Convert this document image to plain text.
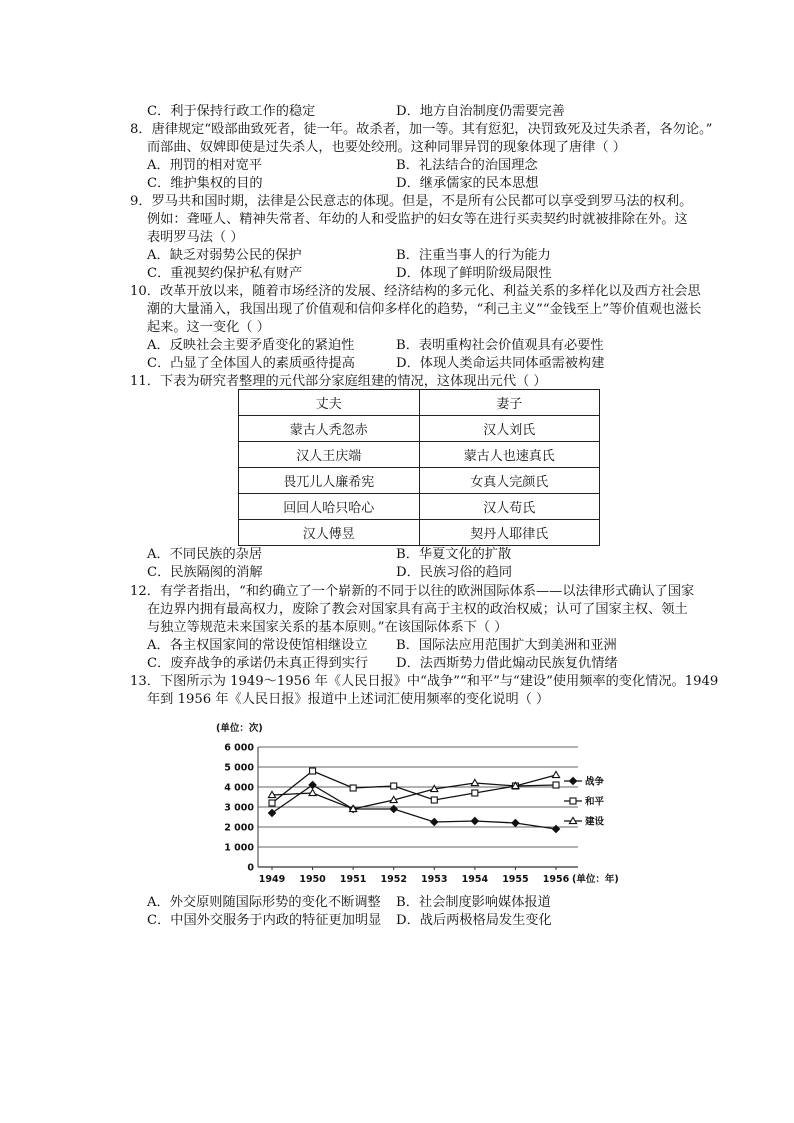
C．利于保持行政工作的稳定	D．地方自治制度仍需要完善
8．唐律规定“殴部曲致死者，徒一年。故杀者，加一等。其有愆犯，决罚致死及过失杀者，各勿论。”
而部曲、奴婢即使是过失杀人，也要处绞刑。这种同罪异罚的现象体现了唐律（ ）
A．刑罚的相对宽平	B．礼法结合的治国理念
C．维护集权的目的	D．继承儒家的民本思想
9．罗马共和国时期，法律是公民意志的体现。但是，不是所有公民都可以享受到罗马法的权利。
例如：聋哑人、精神失常者、年幼的人和受监护的妇女等在进行买卖契约时就被排除在外。这
表明罗马法（ ）
A．缺乏对弱势公民的保护	B．注重当事人的行为能力
C．重视契约保护私有财产	D．体现了鲜明阶级局限性
10．改革开放以来，随着市场经济的发展、经济结构的多元化、利益关系的多样化以及西方社会思
潮的大量涌入，我国出现了价值观和信仰多样化的趋势，“利己主义”“金钱至上”等价值观也滋长
起来。这一变化（ ）
A．反映社会主要矛盾变化的紧迫性	B．表明重构社会价值观具有必要性
C．凸显了全体国人的素质亟待提高	D．体现人类命运共同体亟需被构建
11．下表为研究者整理的元代部分家庭组建的情况，这体现出元代（ ）
丈夫	妻子
蒙古人秃忽赤	汉人刘氏
汉人王庆端	蒙古人也速真氏
畏兀儿人廉希宪	女真人完颜氏
回回人哈只哈心	汉人苟氏
汉人傅昱	契丹人耶律氏
A．不同民族的杂居	B．华夏文化的扩散
C．民族隔阂的消解	D．民族习俗的趋同
12．有学者指出，“和约确立了一个崭新的不同于以往的欧洲国际体系——以法律形式确认了国家
在边界内拥有最高权力，废除了教会对国家具有高于主权的政治权威；认可了国家主权、领土
与独立等规范未来国家关系的基本原则。”在该国际体系下（ ）
A．各主权国家间的常设使馆相继设立 B．国际法应用范围扩大到美洲和亚洲
C．废弃战争的承诺仍未真正得到实行 D．法西斯势力借此煽动民族复仇情绪
13．下图所示为 1949～1956 年《人民日报》中“战争”“和平”与“建设”使用频率的变化情况。1949
年到 1956 年《人民日报》报道中上述词汇使用频率的变化说明（ ）
(单位：次)
0
1 000
2 000
3 000
4 000
5 000
6 000
1949 1950 1951 1952 1953 1954 1955 1956 (单位：年)
战争
和平
建设
A．外交原则随国际形势的变化不断调整 B．社会制度影响媒体报道
C．中国外交服务于内政的特征更加明显 D．战后两极格局发生变化
